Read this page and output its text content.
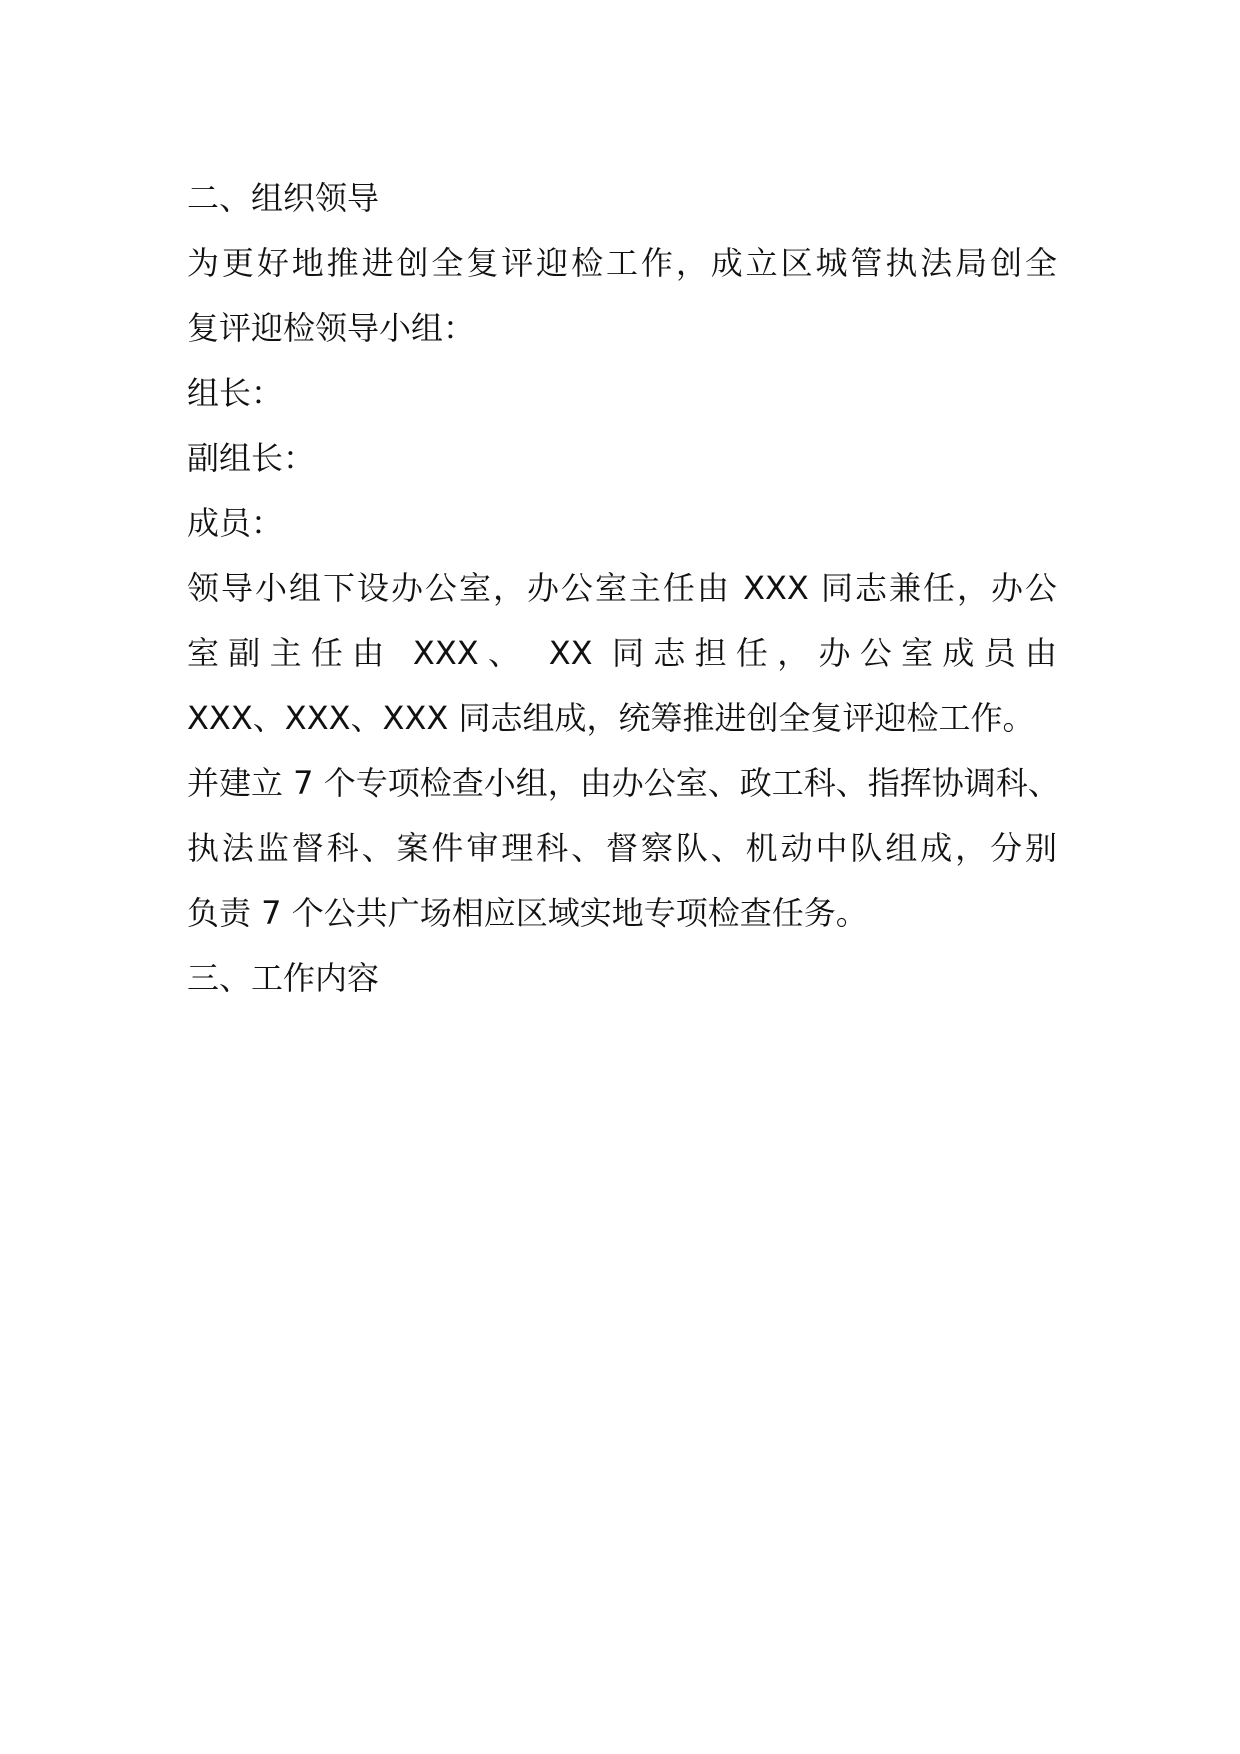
二、组织领导
为更好地推进创全复评迎检工作，成立区城管执法局创全
复评迎检领导小组：
组长：
副组长：
成员：
领导小组下设办公室，办公室主任由 XXX 同志兼任，办公
室副主任由 XXX、 XX 同志担任，办公室成员由
XXX、XXX、XXX 同志组成，统筹推进创全复评迎检工作。
并建立 7 个专项检查小组，由办公室、政工科、指挥协调科、
执法监督科、案件审理科、督察队、机动中队组成，分别
负责 7 个公共广场相应区域实地专项检查任务。
三、工作内容
